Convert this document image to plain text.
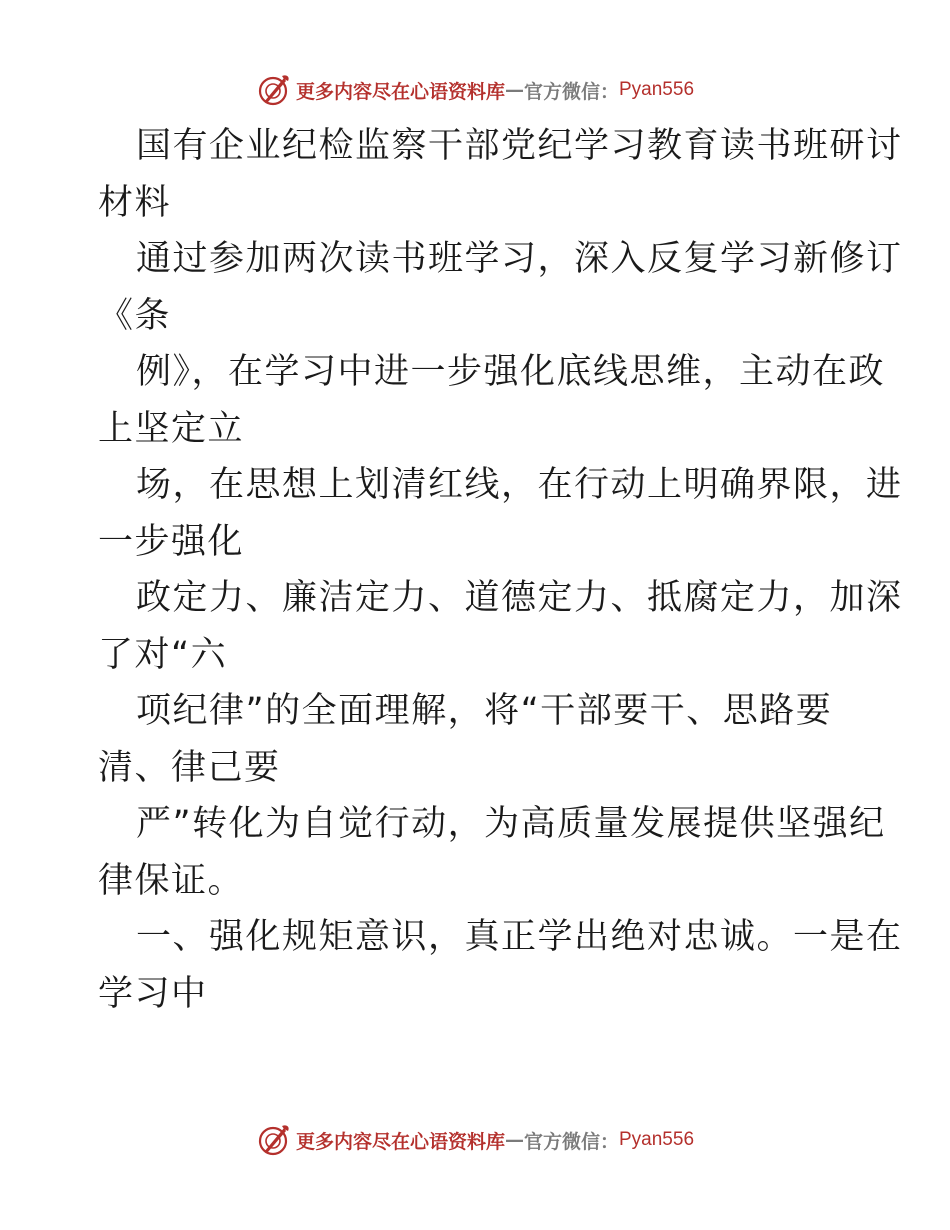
更多内容尽在心语资料库 — 官方微信： Pyan556
国有企业纪检监察干部党纪学习教育读书班研讨
材料
通过参加两次读书班学习，深入反复学习新修订
《条
例》，在学习中进一步强化底线思维，主动在政
上坚定立
场，在思想上划清红线，在行动上明确界限，进
一步强化
政定力、廉洁定力、道德定力、抵腐定力，加深
了对“六
项纪律”的全面理解，将“干部要干、思路要
清、律己要
严”转化为自觉行动，为高质量发展提供坚强纪
律保证。
一、强化规矩意识，真正学出绝对忠诚。一是在
学习中
更多内容尽在心语资料库 — 官方微信： Pyan556
